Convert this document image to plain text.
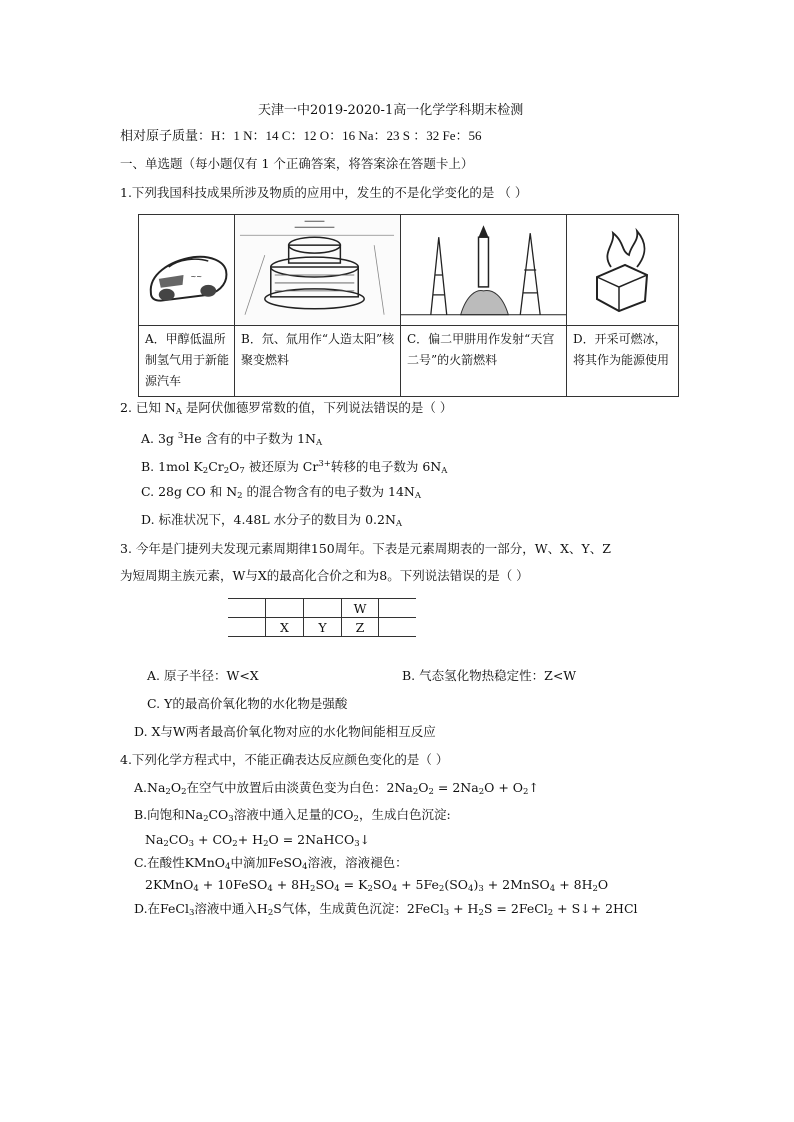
天津一中2019-2020-1高一化学学科期末检测
相对原子质量：H：1 N：14 C：12 O：16 Na：23 S ：32 Fe：56
一、单选题（每小题仅有 1 个正确答案，将答案涂在答题卡上）
1.下列我国科技成果所涉及物质的应用中，发生的不是化学变化的是 （ ）
~~
A．甲醇低温所制氢气用于新能源汽车
B．氘、氚用作“人造太阳”核聚变燃料
C．偏二甲肼用作发射“天宫二号”的火箭燃料
D．开采可燃冰，将其作为能源使用
2. 已知 $N_A$ 是阿伏伽德罗常数的值，下列说法错误的是（ ）
A. 3g $^3$He 含有的中子数为 $1N_A$
B. 1mol $K_2Cr_2O_7$ 被还原为 $Cr^{3+}$转移的电子数为 $6N_A$
C. 28g CO 和 $N_2$ 的混合物含有的电子数为 $14N_A$
D. 标准状况下，4.48L 水分子的数目为 $0.2N_A$
3. 今年是门捷列夫发现元素周期律150周年。下表是元素周期表的一部分，W、X、Y、Z
为短周期主族元素，W与X的最高化合价之和为8。下列说法错误的是（ ）
			W	
	X	Y	Z	
A. 原子半径：W<X	B. 气态氢化物热稳定性：Z<W
C. Y的最高价氧化物的水化物是强酸
D. X与W两者最高价氧化物对应的水化物间能相互反应
4.下列化学方程式中，不能正确表达反应颜色变化的是（ ）
$A.Na_2O_2$在空气中放置后由淡黄色变为白色：$2Na_2O_2 = 2Na_2O$ + $O_2↑$
B.向饱和$Na_2CO_3$溶液中通入足量的$CO_2$，生成白色沉淀:
$Na_2CO_3 + CO_2+ H_2O$ = 2NaHCO$_3$↓
C.在酸性KMnO$_4$中滴加FeSO$_4$溶液，溶液褪色：
2KMnO$_4$ + 10FeSO$_4$ + $8H_2SO_4 = K_2SO_4 + 5Fe_2(SO_4)_3$ + 2MnSO$_4$ + $8H_2O$
D.在FeCl$_3$溶液中通入$H_2S$气体，生成黄色沉淀：2FeCl$_3$ + $H_2S$ = 2FeCl$_2$ + S↓+ 2HCl
